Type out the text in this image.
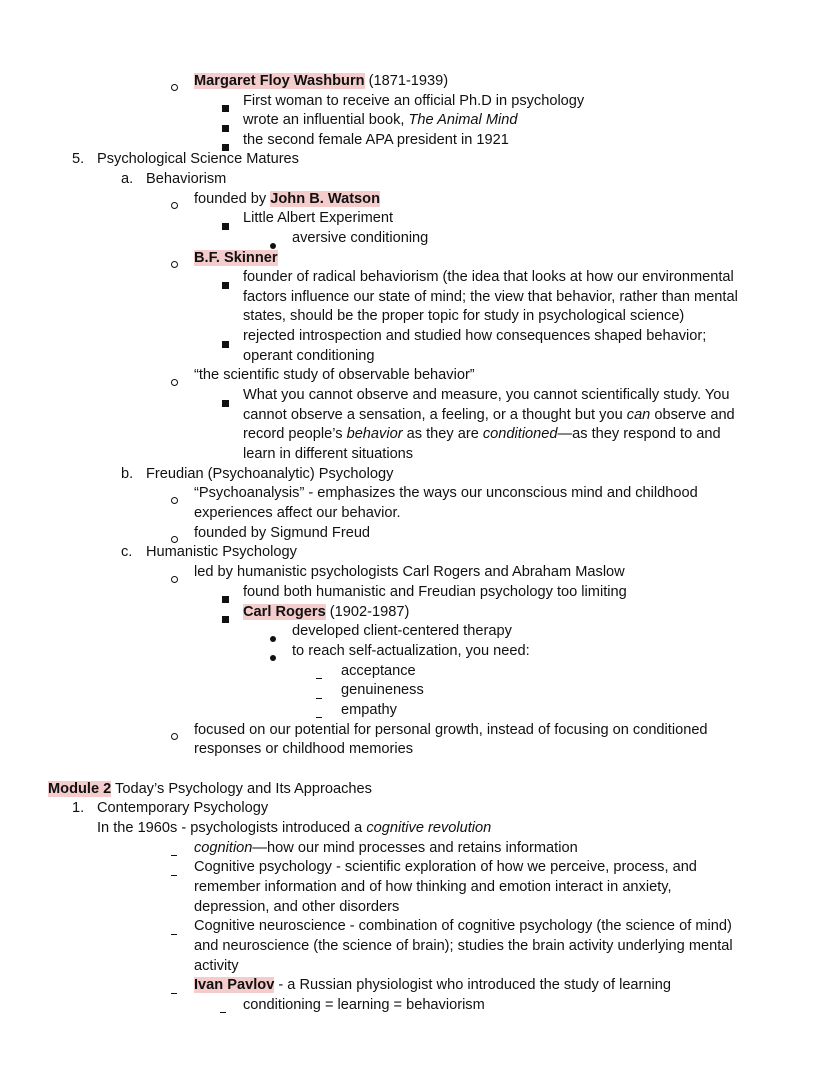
Margaret Floy Washburn (1871-1939)
First woman to receive an official Ph.D in psychology
wrote an influential book, The Animal Mind
the second female APA president in 1921
5. Psychological Science Matures
a. Behaviorism
founded by John B. Watson
Little Albert Experiment
aversive conditioning
B.F. Skinner
founder of radical behaviorism (the idea that looks at how our environmental
factors influence our state of mind; the view that behavior, rather than mental
states, should be the proper topic for study in psychological science)
rejected introspection and studied how consequences shaped behavior;
operant conditioning
“the scientific study of observable behavior”
What you cannot observe and measure, you cannot scientifically study. You
cannot observe a sensation, a feeling, or a thought but you can observe and
record people’s behavior as they are conditioned—as they respond to and
learn in different situations
b. Freudian (Psychoanalytic) Psychology
“Psychoanalysis” - emphasizes the ways our unconscious mind and childhood
experiences affect our behavior.
founded by Sigmund Freud
c. Humanistic Psychology
led by humanistic psychologists Carl Rogers and Abraham Maslow
found both humanistic and Freudian psychology too limiting
Carl Rogers (1902-1987)
developed client-centered therapy
to reach self-actualization, you need:
acceptance
genuineness
empathy
focused on our potential for personal growth, instead of focusing on conditioned
responses or childhood memories
Module 2 Today’s Psychology and Its Approaches
1. Contemporary Psychology
In the 1960s - psychologists introduced a cognitive revolution
cognition—how our mind processes and retains information
Cognitive psychology - scientific exploration of how we perceive, process, and
remember information and of how thinking and emotion interact in anxiety,
depression, and other disorders
Cognitive neuroscience - combination of cognitive psychology (the science of mind)
and neuroscience (the science of brain); studies the brain activity underlying mental
activity
Ivan Pavlov - a Russian physiologist who introduced the study of learning
conditioning = learning = behaviorism
